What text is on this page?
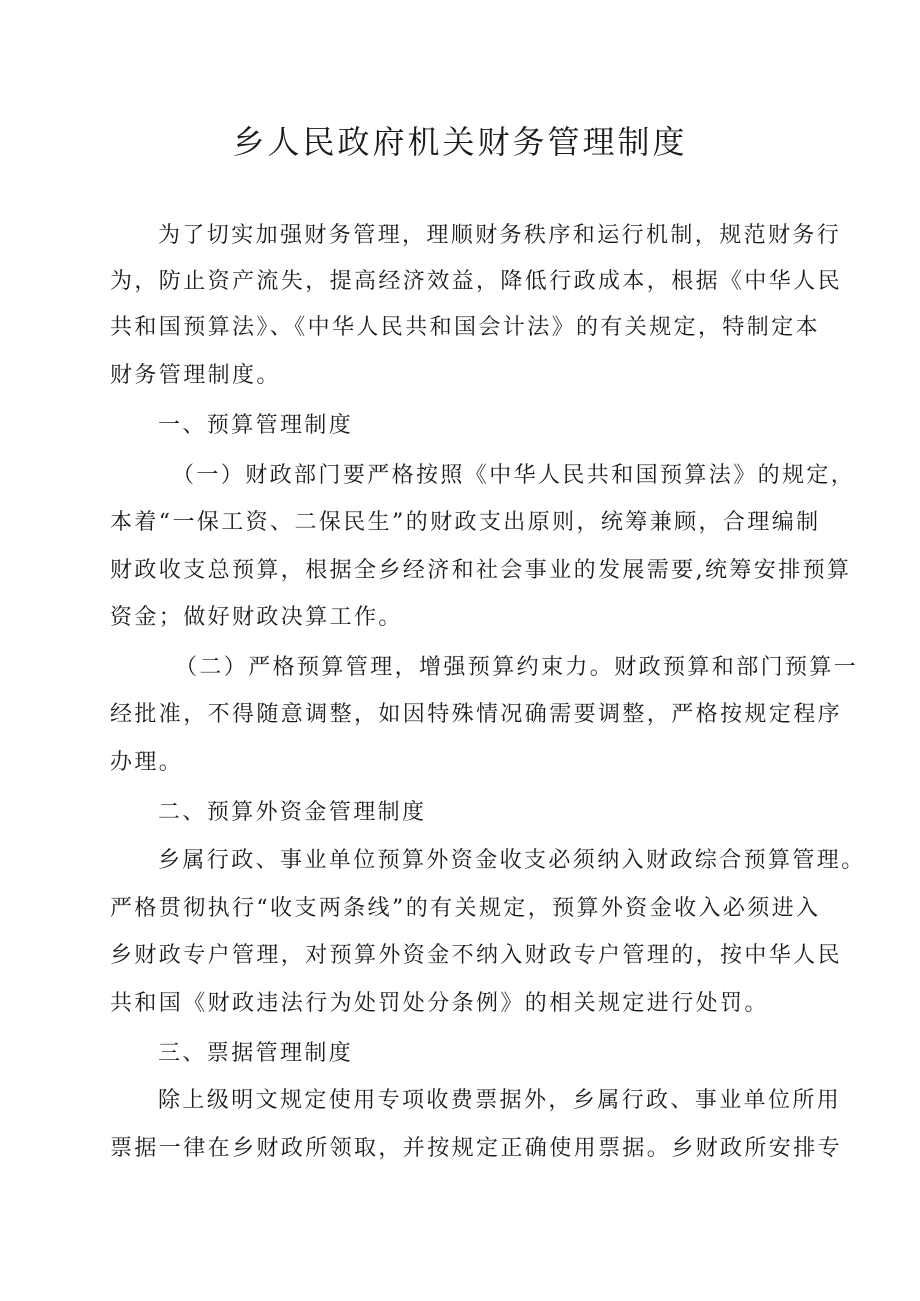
乡人民政府机关财务管理制度

为了切实加强财务管理，理顺财务秩序和运行机制，规范财务行

为，防止资产流失，提高经济效益，降低行政成本，根据《中华人民

共和国预算法》、《中华人民共和国会计法》的有关规定，特制定本

财务管理制度。

一、预算管理制度

（一）财政部门要严格按照《中华人民共和国预算法》的规定，

本着“一保工资、二保民生”的财政支出原则，统筹兼顾，合理编制

财政收支总预算，根据全乡经济和社会事业的发展需要,统筹安排预算

资金；做好财政决算工作。

（二）严格预算管理，增强预算约束力。财政预算和部门预算一

经批准，不得随意调整，如因特殊情况确需要调整，严格按规定程序

办理。

二、预算外资金管理制度

乡属行政、事业单位预算外资金收支必须纳入财政综合预算管理。

严格贯彻执行“收支两条线”的有关规定，预算外资金收入必须进入

乡财政专户管理，对预算外资金不纳入财政专户管理的，按中华人民

共和国《财政违法行为处罚处分条例》的相关规定进行处罚。

三、票据管理制度

除上级明文规定使用专项收费票据外，乡属行政、事业单位所用

票据一律在乡财政所领取，并按规定正确使用票据。乡财政所安排专
